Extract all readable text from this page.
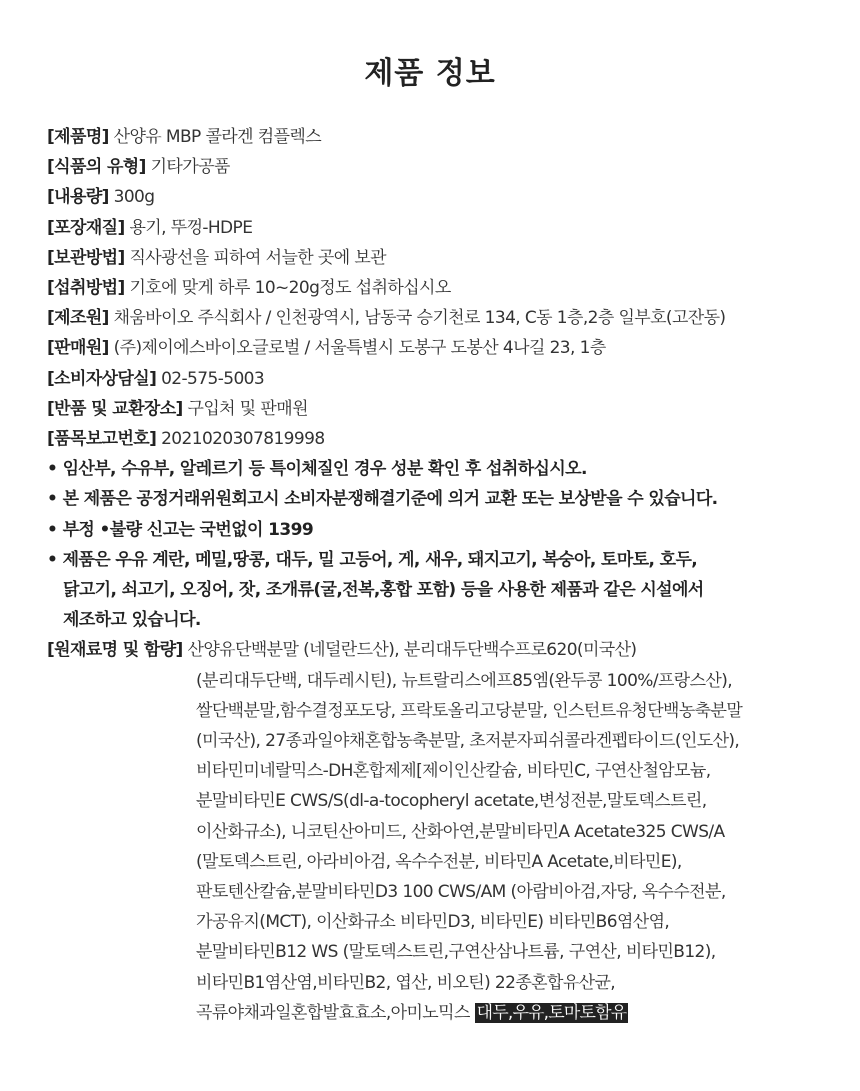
제품 정보
[제품명] 산양유 MBP 콜라겐 컴플렉스
[식품의 유형] 기타가공품
[내용량] 300g
[포장재질] 용기, 뚜껑-HDPE
[보관방법] 직사광선을 피하여 서늘한 곳에 보관
[섭취방법] 기호에 맞게 하루 10~20g정도 섭취하십시오
[제조원] 채움바이오 주식회사 / 인천광역시, 남동국 승기천로 134, C동 1층,2층 일부호(고잔동)
[판매원] (주)제이에스바이오글로벌 / 서울특별시 도봉구 도봉산 4나길 23, 1층
[소비자상담실] 02-575-5003
[반품 및 교환장소] 구입처 및 판매원
[품목보고번호] 2021020307819998
• 임산부, 수유부, 알레르기 등 특이체질인 경우 성분 확인 후 섭취하십시오.
• 본 제품은 공정거래위원회고시 소비자분쟁해결기준에 의거 교환 또는 보상받을 수 있습니다.
• 부정 •불량 신고는 국번없이 1399
• 제품은 우유 계란, 메밀,땅콩, 대두, 밀 고등어, 게, 새우, 돼지고기, 복숭아, 토마토, 호두,
닭고기, 쇠고기, 오징어, 잣, 조개류(굴,전복,홍합 포함) 등을 사용한 제품과 같은 시설에서
제조하고 있습니다.
[원재료명 및 함량] 산양유단백분말 (네덜란드산), 분리대두단백수프로620(미국산)
(분리대두단백, 대두레시틴), 뉴트랄리스에프85엠(완두콩 100%/프랑스산),
쌀단백분말,함수결정포도당, 프락토올리고당분말, 인스턴트유청단백농축분말
(미국산), 27종과일야채혼합농축분말, 초저분자피쉬콜라겐펩타이드(인도산),
비타민미네랄믹스-DH혼합제제[제이인산칼슘, 비타민C, 구연산철암모늄,
분말비타민E CWS/S(dl-a-tocopheryl acetate,변성전분,말토덱스트린,
이산화규소), 니코틴산아미드, 산화아연,분말비타민A Acetate325 CWS/A
(말토덱스트린, 아라비아검, 옥수수전분, 비타민A Acetate,비타민E),
판토텐산칼슘,분말비타민D3 100 CWS/AM (아람비아검,자당, 옥수수전분,
가공유지(MCT), 이산화규소 비타민D3, 비타민E) 비타민B6염산염,
분말비타민B12 WS (말토덱스트린,구연산삼나트륨, 구연산, 비타민B12),
비타민B1염산염,비타민B2, 엽산, 비오틴) 22종혼합유산균,
곡류야채과일혼합발효효소,아미노믹스 대두,우유,토마토함유
